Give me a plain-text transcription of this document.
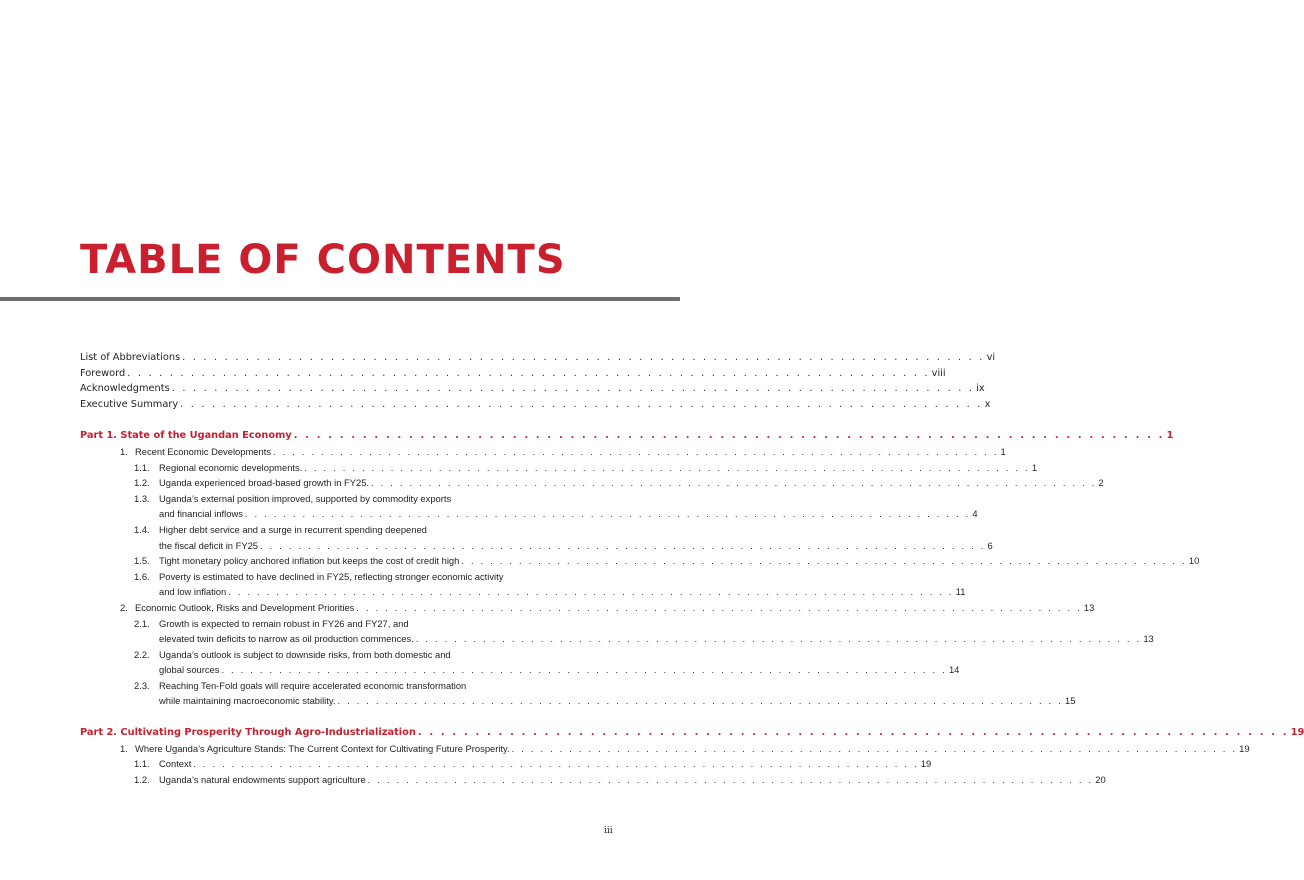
TABLE OF CONTENTS
List of Abbreviations . . . . . . . . . . . . . . . . . . . . . . . . . . . . . . . . . . . . . . . . . . . . . . . . . . . . . . . . . . . . . . . . . . . . . . . . . . . . vi
Foreword . . . . . . . . . . . . . . . . . . . . . . . . . . . . . . . . . . . . . . . . . . . . . . . . . . . . . . . . . . . . . . . . . . . . . . . . . . . . viii
Acknowledgments . . . . . . . . . . . . . . . . . . . . . . . . . . . . . . . . . . . . . . . . . . . . . . . . . . . . . . . . . . . . . . . . . . . . . . . . . . . . ix
Executive Summary . . . . . . . . . . . . . . . . . . . . . . . . . . . . . . . . . . . . . . . . . . . . . . . . . . . . . . . . . . . . . . . . . . . . . . . . . . . . x
Part 1. State of the Ugandan Economy . . . . . . . . . . . . . . . . . . . . . . . . . . . . . . . . . . . . . . . . . . . . . . . . . . . . . . . . . . . . . . . . . . . . . . . . . . . . 1
1. Recent Economic Developments . . . . . . . . . . . . . . . . . . . . . . . . . . . . . . . . . . . . . . . . . . . . . . . . . . . . . . . . . . . . . . . . . . . . . . . . . . . . 1
1.1. Regional economic developments. . . . . . . . . . . . . . . . . . . . . . . . . . . . . . . . . . . . . . . . . . . . . . . . . . . . . . . . . . . . . . . . . . . . . . . . . . . . . 1
1.2. Uganda experienced broad-based growth in FY25. . . . . . . . . . . . . . . . . . . . . . . . . . . . . . . . . . . . . . . . . . . . . . . . . . . . . . . . . . . . . . . . . . . . . . . . . . . . . 2
1.3. Uganda’s external position improved, supported by commodity exports
and financial inflows . . . . . . . . . . . . . . . . . . . . . . . . . . . . . . . . . . . . . . . . . . . . . . . . . . . . . . . . . . . . . . . . . . . . . . . . . . . . 4
1.4. Higher debt service and a surge in recurrent spending deepened
the fiscal deficit in FY25 . . . . . . . . . . . . . . . . . . . . . . . . . . . . . . . . . . . . . . . . . . . . . . . . . . . . . . . . . . . . . . . . . . . . . . . . . . . . 6
1.5. Tight monetary policy anchored inflation but keeps the cost of credit high . . . . . . . . . . . . . . . . . . . . . . . . . . . . . . . . . . . . . . . . . . . . . . . . . . . . . . . . . . . . . . . . . . . . . . . . . . . . 10
1.6. Poverty is estimated to have declined in FY25, reflecting stronger economic activity
and low inflation . . . . . . . . . . . . . . . . . . . . . . . . . . . . . . . . . . . . . . . . . . . . . . . . . . . . . . . . . . . . . . . . . . . . . . . . . . . . 11
2. Economic Outlook, Risks and Development Priorities . . . . . . . . . . . . . . . . . . . . . . . . . . . . . . . . . . . . . . . . . . . . . . . . . . . . . . . . . . . . . . . . . . . . . . . . . . . . 13
2.1. Growth is expected to remain robust in FY26 and FY27, and
elevated twin deficits to narrow as oil production commences. . . . . . . . . . . . . . . . . . . . . . . . . . . . . . . . . . . . . . . . . . . . . . . . . . . . . . . . . . . . . . . . . . . . . . . . . . . . . 13
2.2. Uganda’s outlook is subject to downside risks, from both domestic and
global sources . . . . . . . . . . . . . . . . . . . . . . . . . . . . . . . . . . . . . . . . . . . . . . . . . . . . . . . . . . . . . . . . . . . . . . . . . . . . 14
2.3. Reaching Ten-Fold goals will require accelerated economic transformation
while maintaining macroeconomic stability. . . . . . . . . . . . . . . . . . . . . . . . . . . . . . . . . . . . . . . . . . . . . . . . . . . . . . . . . . . . . . . . . . . . . . . . . . . . . 15
Part 2. Cultivating Prosperity Through Agro-Industrialization . . . . . . . . . . . . . . . . . . . . . . . . . . . . . . . . . . . . . . . . . . . . . . . . . . . . . . . . . . . . . . . . . . . . . . . . . . . . 19
1. Where Uganda’s Agriculture Stands: The Current Context for Cultivating Future Prosperity. . . . . . . . . . . . . . . . . . . . . . . . . . . . . . . . . . . . . . . . . . . . . . . . . . . . . . . . . . . . . . . . . . . . . . . . . . . . . 19
1.1. Context . . . . . . . . . . . . . . . . . . . . . . . . . . . . . . . . . . . . . . . . . . . . . . . . . . . . . . . . . . . . . . . . . . . . . . . . . . . . 19
1.2. Uganda’s natural endowments support agriculture . . . . . . . . . . . . . . . . . . . . . . . . . . . . . . . . . . . . . . . . . . . . . . . . . . . . . . . . . . . . . . . . . . . . . . . . . . . . 20
iii
